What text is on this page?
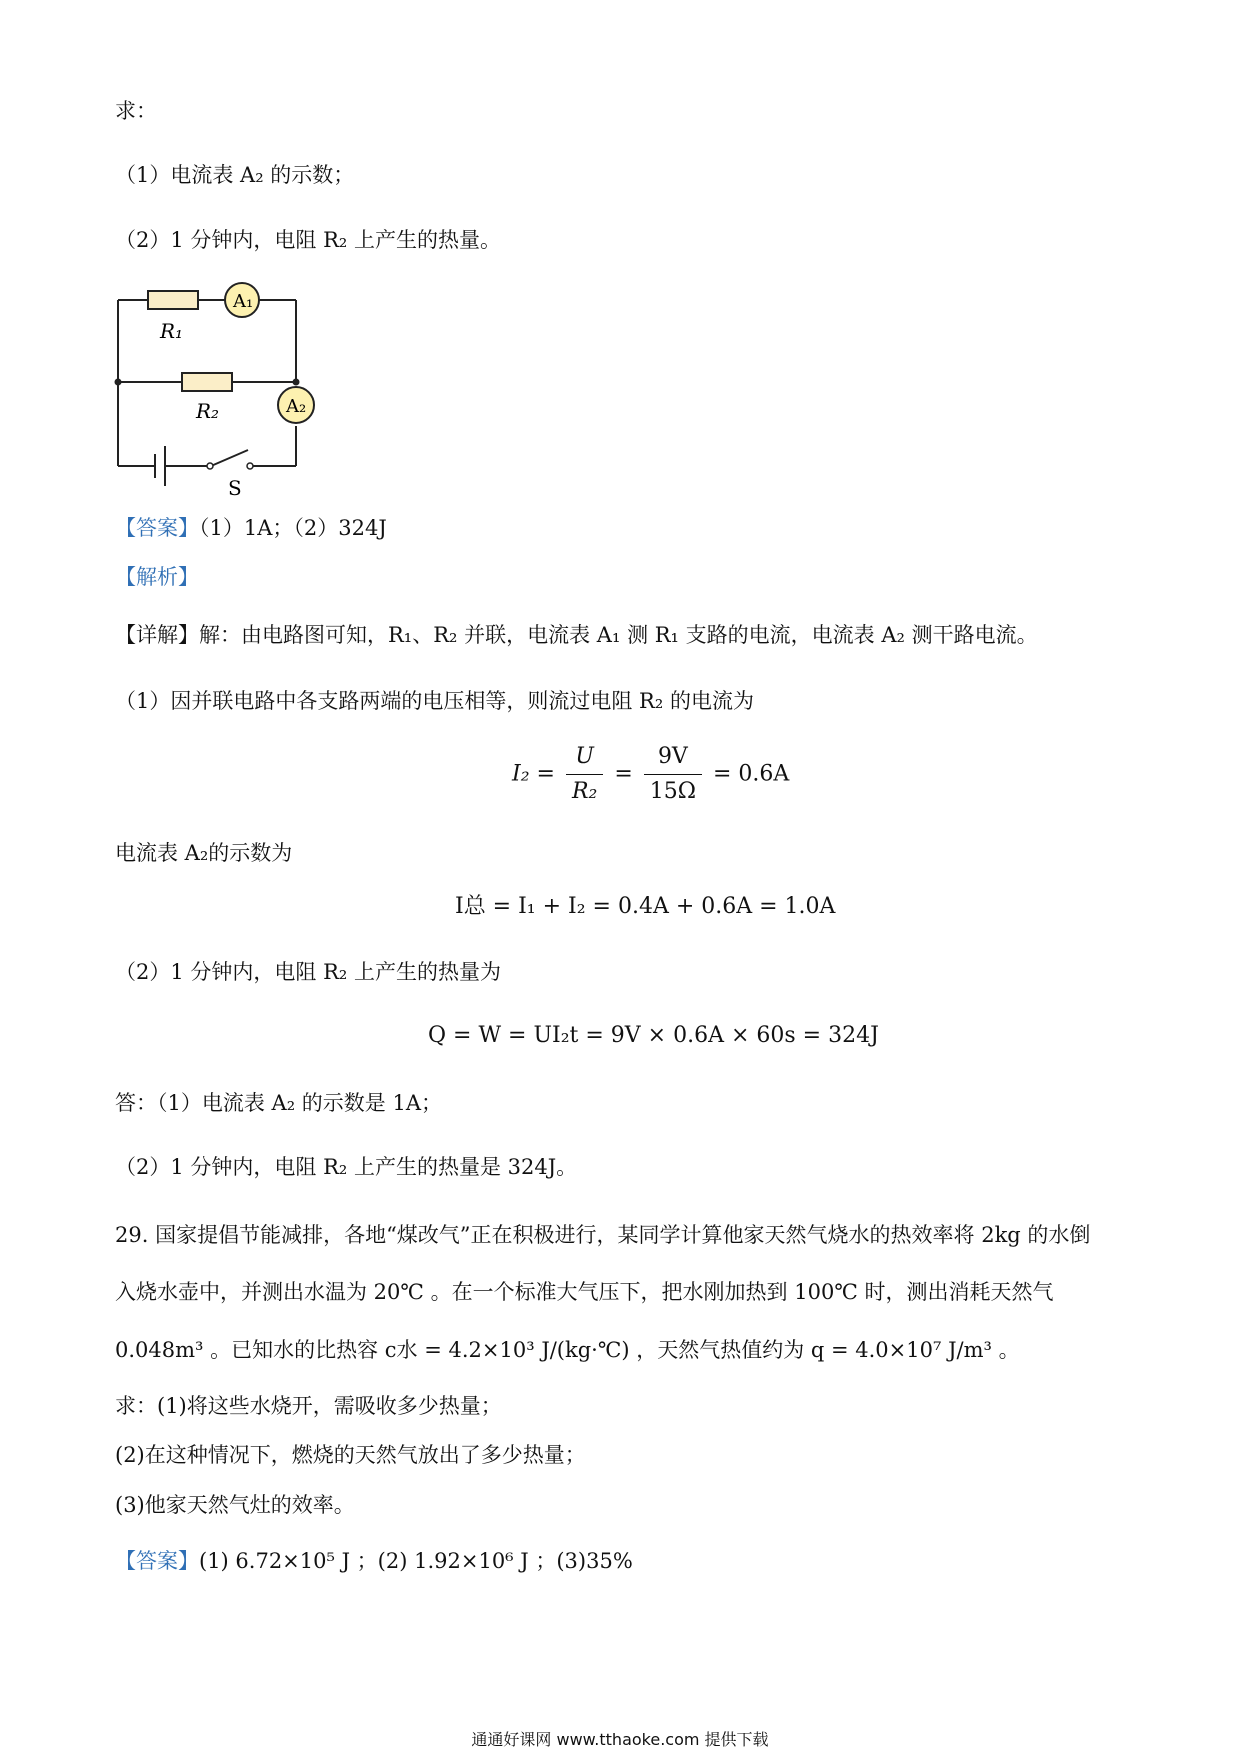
求：
（1）电流表 A₂ 的示数；
（2）1 分钟内，电阻 R₂ 上产生的热量。
A₁
A₂
R₁
R₂
S
【答案】（1）1A；（2）324J
【解析】
【详解】解：由电路图可知，R₁、R₂ 并联，电流表 A₁ 测 R₁ 支路的电流，电流表 A₂ 测干路电流。
（1）因并联电路中各支路两端的电压相等，则流过电阻 R₂ 的电流为
$I_2 = \frac{U}{\text{R₂}} = \frac{9V}{15\Omega} = 0.6A$
电流表 A₂的示数为
I总 = I₁ + I₂ = 0.4A + 0.6A = 1.0A
（2）1 分钟内，电阻 R₂ 上产生的热量为
Q = W = UI₂t = 9V × 0.6A × 60s = 324J
答：（1）电流表 A₂ 的示数是 1A；
（2）1 分钟内，电阻 R₂ 上产生的热量是 324J。
29. 国家提倡节能减排，各地“煤改气”正在积极进行，某同学计算他家天然气烧水的热效率将 2kg 的水倒
入烧水壶中，并测出水温为 20℃ 。在一个标准大气压下，把水刚加热到 100℃ 时，测出消耗天然气
0.048m³ 。已知水的比热容 c水 = 4.2×10³ J/(kg·℃) ，天然气热值约为 q = 4.0×10⁷ J/m³ 。
求：(1)将这些水烧开，需吸收多少热量；
(2)在这种情况下，燃烧的天然气放出了多少热量；
(3)他家天然气灶的效率。
【答案】(1) 6.72×10⁵ J ；(2) 1.92×10⁶ J ；(3)35%
通通好课网 www.tthaoke.com 提供下载
